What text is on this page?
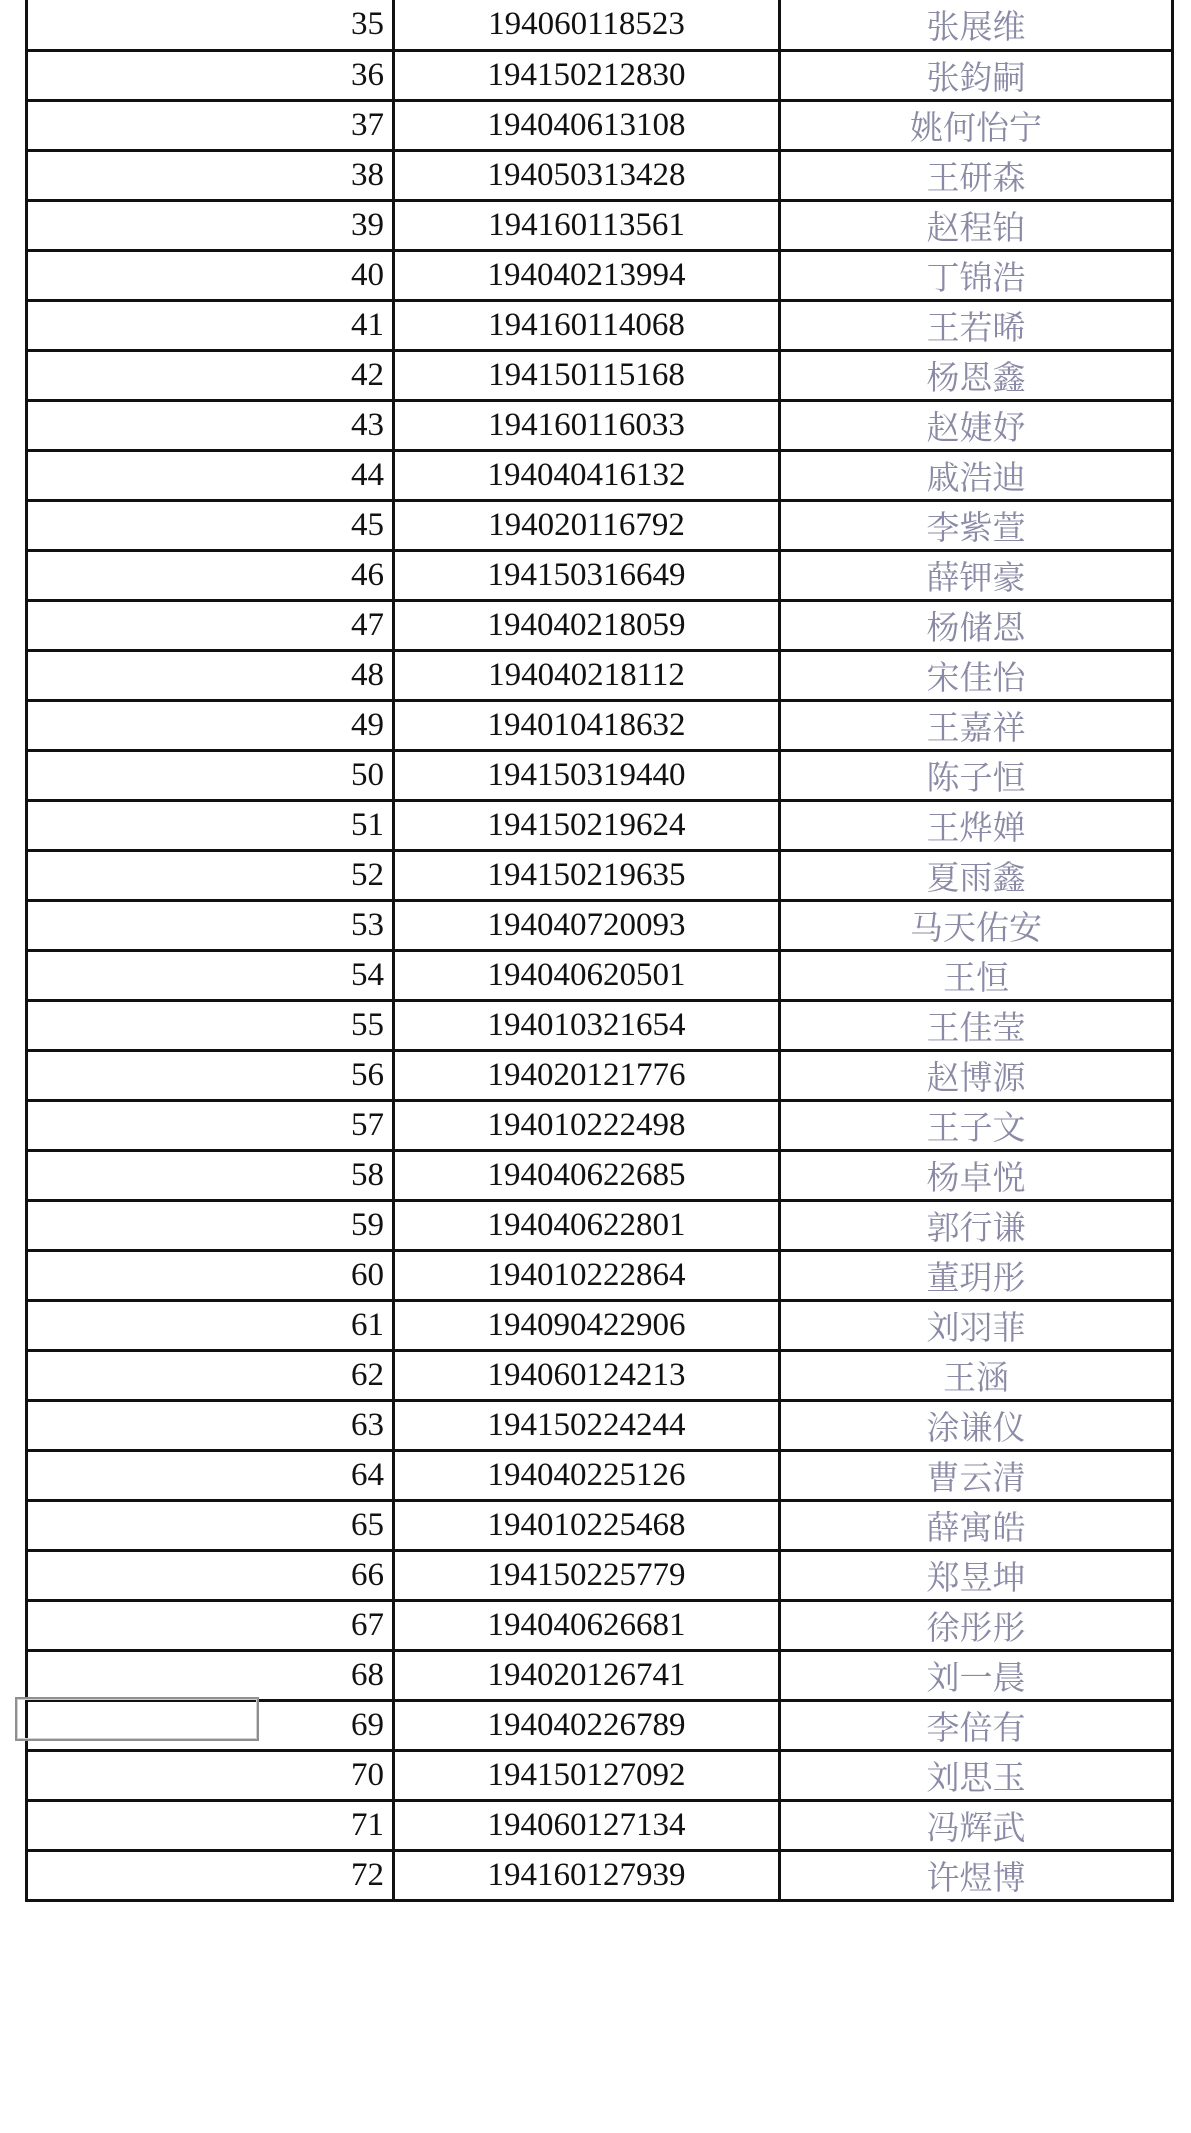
35	194060118523	张展维
36	194150212830	张鈞嗣
37	194040613108	姚何怡宁
38	194050313428	王研森
39	194160113561	赵程铂
40	194040213994	丁锦浩
41	194160114068	王若晞
42	194150115168	杨恩鑫
43	194160116033	赵婕妤
44	194040416132	戚浩迪
45	194020116792	李紫萱
46	194150316649	薛钾豪
47	194040218059	杨储恩
48	194040218112	宋佳怡
49	194010418632	王嘉祥
50	194150319440	陈子恒
51	194150219624	王烨婵
52	194150219635	夏雨鑫
53	194040720093	马天佑安
54	194040620501	王恒
55	194010321654	王佳莹
56	194020121776	赵博源
57	194010222498	王子文
58	194040622685	杨卓悦
59	194040622801	郭行谦
60	194010222864	董玥彤
61	194090422906	刘羽菲
62	194060124213	王涵
63	194150224244	涂谦仪
64	194040225126	曹云清
65	194010225468	薛寓皓
66	194150225779	郑昱坤
67	194040626681	徐彤彤
68	194020126741	刘一晨
69	194040226789	李倍有
70	194150127092	刘思玉
71	194060127134	冯辉武
72	194160127939	许煜博
